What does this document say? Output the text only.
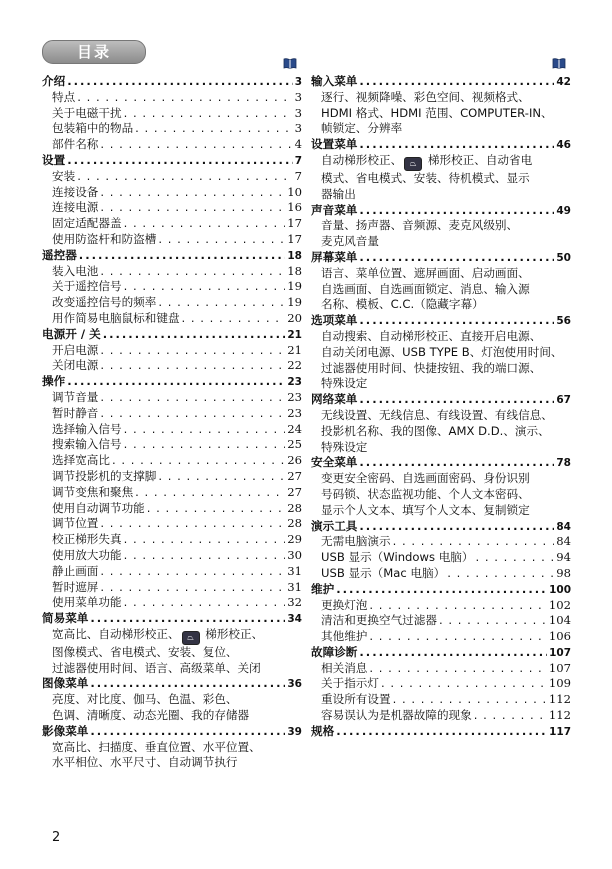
目录
介绍 .....	3
特点 . . .	3
关于电磁干扰 . . .	3
包装箱中的物品 . . .	3
部件名称 . . .	4
设置 .....	7
安装 . . .	7
连接设备 . . .	10
连接电源 . . .	16
固定适配器盖 . . .	17
使用防盗杆和防盗槽 . . .	17
遥控器 .....	18
装入电池 . . .	18
关于遥控信号 . . .	19
改变遥控信号的频率 . . .	19
用作简易电脑鼠标和键盘 . . .	20
电源开 / 关 .....	21
开启电源 . . .	21
关闭电源 . . .	22
操作 .....	23
调节音量 . . .	23
暂时静音 . . .	23
选择输入信号 . . .	24
搜索输入信号 . . .	25
选择宽高比 . . .	26
调节投影机的支撑脚 . . .	27
调节变焦和聚焦 . . .	27
使用自动调节功能 . . .	28
调节位置 . . .	28
校正梯形失真 . . .	29
使用放大功能 . . .	30
静止画面 . . .	31
暂时遮屏 . . .	31
使用菜单功能 . . .	32
简易菜单 .....	34
宽高比、自动梯形校正、 ⏢ 梯形校正、
图像模式、省电模式、安装、复位、
过滤器使用时间、语言、高级菜单、关闭
图像菜单 .....	36
亮度、对比度、伽马、色温、彩色、
色调、清晰度、动态光圈、我的存储器
影像菜单 .....	39
宽高比、扫描度、垂直位置、水平位置、
水平相位、水平尺寸、自动调节执行
输入菜单 .....	42
逐行、视频降噪、彩色空间、视频格式、
HDMI 格式、HDMI 范围、COMPUTER-IN、
帧锁定、分辨率
设置菜单 .....	46
自动梯形校正、 ⏢ 梯形校正、自动省电
模式、省电模式、安装、待机模式、显示
器输出
声音菜单 .....	49
音量、扬声器、音频源、麦克风级别、
麦克风音量
屏幕菜单 .....	50
语言、菜单位置、遮屏画面、启动画面、
自选画面、自选画面锁定、消息、输入源
名称、模板、C.C.（隐藏字幕）
选项菜单 .....	56
自动搜索、自动梯形校正、直接开启电源、
自动关闭电源、USB TYPE B、灯泡使用时间、
过滤器使用时间、快捷按钮、我的端口源、
特殊设定
网络菜单 .....	67
无线设置、无线信息、有线设置、有线信息、
投影机名称、我的图像、AMX D.D.、演示、
特殊设定
安全菜单 .....	78
变更安全密码、自选画面密码、身份识别
号码锁、状态监视功能、个人文本密码、
显示个人文本、填写个人文本、复制锁定
演示工具 .....	84
无需电脑演示 . . .	84
USB 显示（Windows 电脑） . . .	94
USB 显示（Mac 电脑） . . .	98
维护 .....	100
更换灯泡 . . .	102
清洁和更换空气过滤器 . . .	104
其他维护 . . .	106
故障诊断 .....	107
相关消息 . . .	107
关于指示灯 . . .	109
重设所有设置 . . .	112
容易误认为是机器故障的现象 . . .	112
规格 .....	117
2
